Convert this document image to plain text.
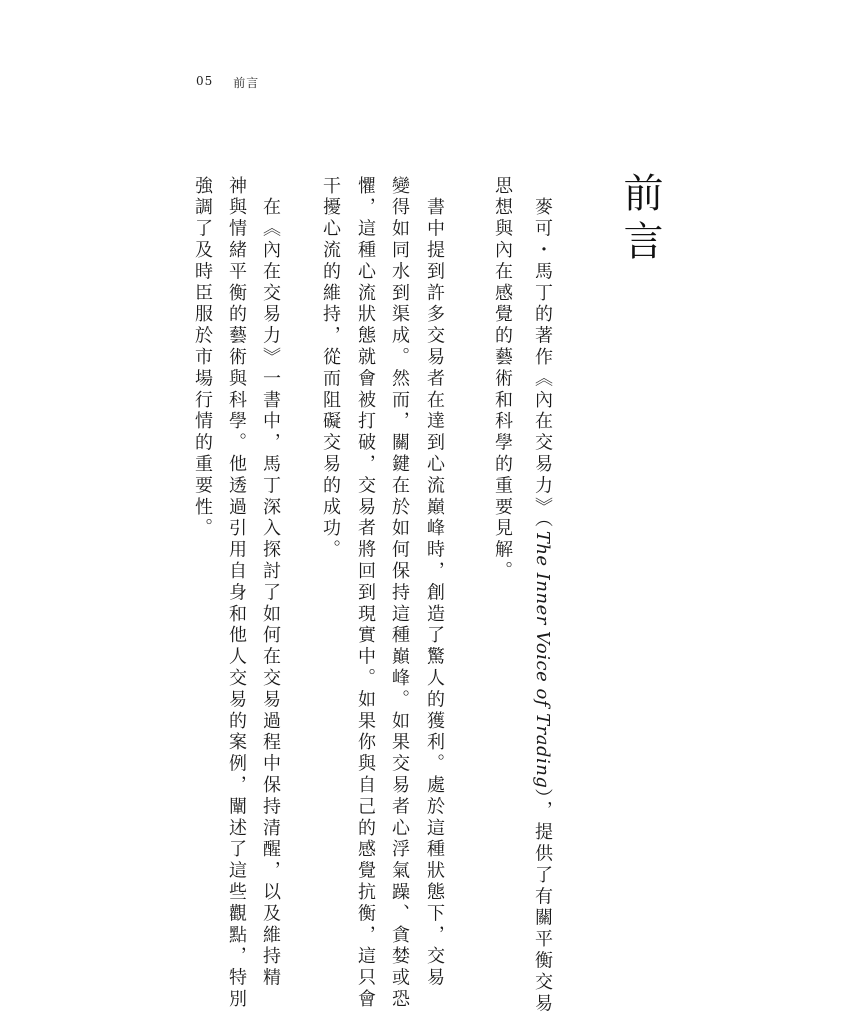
05 前言
前言
　麥可・馬丁的著作《內在交易力》（The Inner Voice of Trading），提供了有關平衡交易
思想與內在感覺的藝術和科學的重要見解。
　書中提到許多交易者在達到心流巔峰時，創造了驚人的獲利。處於這種狀態下，交易
變得如同水到渠成。然而，關鍵在於如何保持這種巔峰。如果交易者心浮氣躁、貪婪或恐
懼，這種心流狀態就會被打破，交易者將回到現實中。如果你與自己的感覺抗衡，這只會
干擾心流的維持，從而阻礙交易的成功。
　在《內在交易力》一書中，馬丁深入探討了如何在交易過程中保持清醒，以及維持精
神與情緒平衡的藝術與科學。他透過引用自身和他人交易的案例，闡述了這些觀點，特別
強調了及時臣服於市場行情的重要性。
